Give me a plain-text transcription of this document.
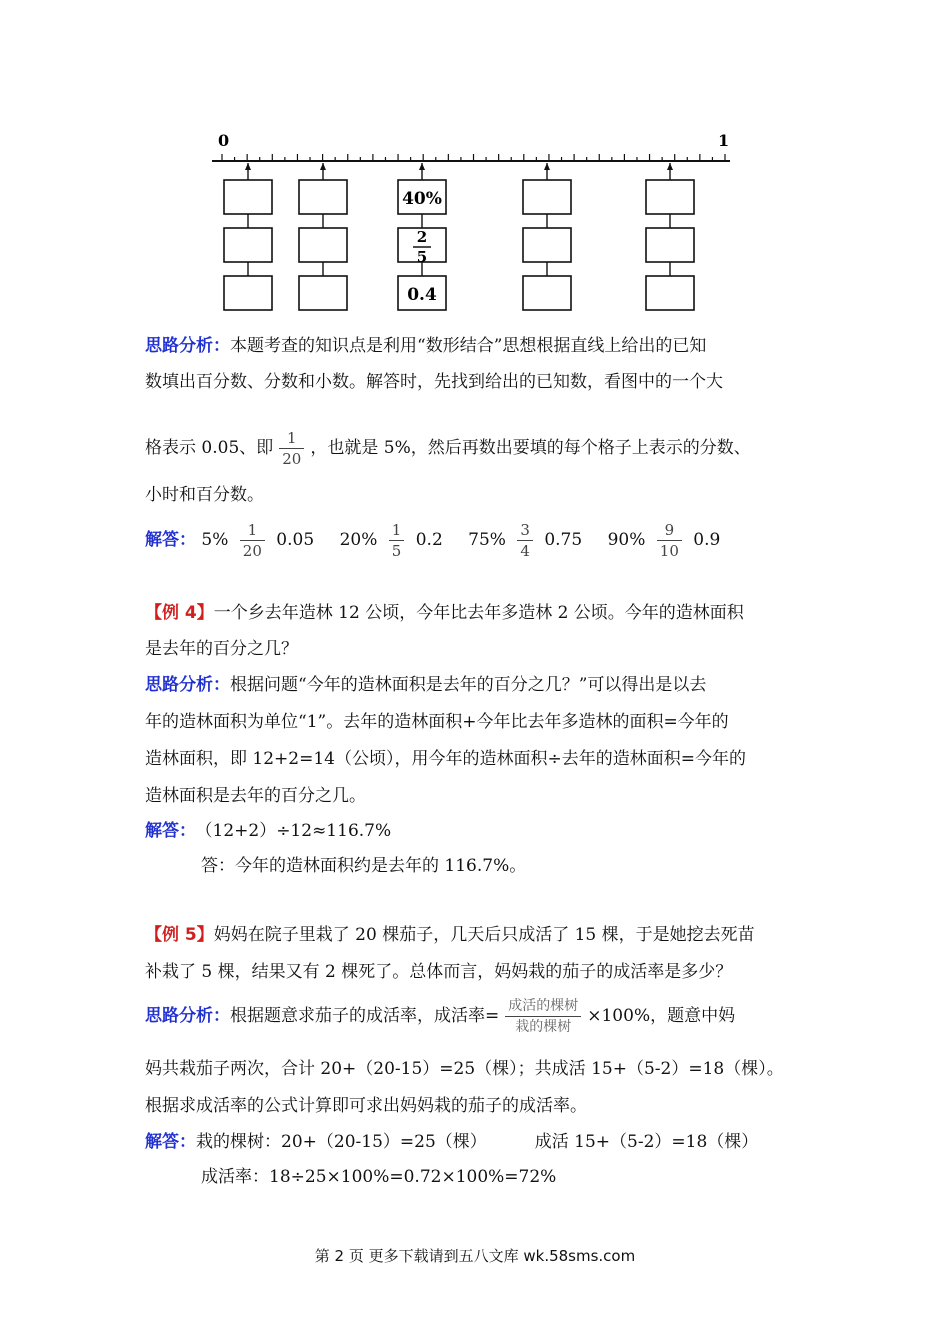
0	1
40%
2
5
0.4
思路分析：本题考查的知识点是利用“数形结合”思想根据直线上给出的已知
数填出百分数、分数和小数。解答时，先找到给出的已知数，看图中的一个大
格表示 0.05、即 $\frac{1}{20}$ ，也就是 5%，然后再数出要填的每个格子上表示的分数、
小时和百分数。
解答： $5\% \frac{1}{20} 0.05$ $20\% \frac{1}{5} 0.2$ $75\% \frac{3}{4} 0.75$ $90\% \frac{9}{10} 0.9$
【例 4】一个乡去年造林 12 公顷，今年比去年多造林 2 公顷。今年的造林面积
是去年的百分之几？
思路分析：根据问题“今年的造林面积是去年的百分之几？”可以得出是以去
年的造林面积为单位“1”。去年的造林面积+今年比去年多造林的面积=今年的
造林面积，即 12+2=14（公顷），用今年的造林面积÷去年的造林面积=今年的
造林面积是去年的百分之几。
解答： （12+2）÷12≈116.7%
答：今年的造林面积约是去年的 116.7%。
【例 5】妈妈在院子里栽了 20 棵茄子，几天后只成活了 15 棵，于是她挖去死苗
补栽了 5 棵，结果又有 2 棵死了。总体而言，妈妈栽的茄子的成活率是多少？
思路分析：根据题意求茄子的成活率，成活率= $\frac{\text{成活的棵树}}{\text{栽的棵树}} \times 100\%$，题意中妈
妈共栽茄子两次，合计 20+（20-15）=25（棵）；共成活 15+（5-2）=18（棵）。
根据求成活率的公式计算即可求出妈妈栽的茄子的成活率。
解答：栽的棵树：20+（20-15）=25（棵）	成活 15+（5-2）=18（棵）
成活率：18÷25×100%=0.72×100%=72%
第 2 页 更多下载请到五八文库 wk.58sms.com
